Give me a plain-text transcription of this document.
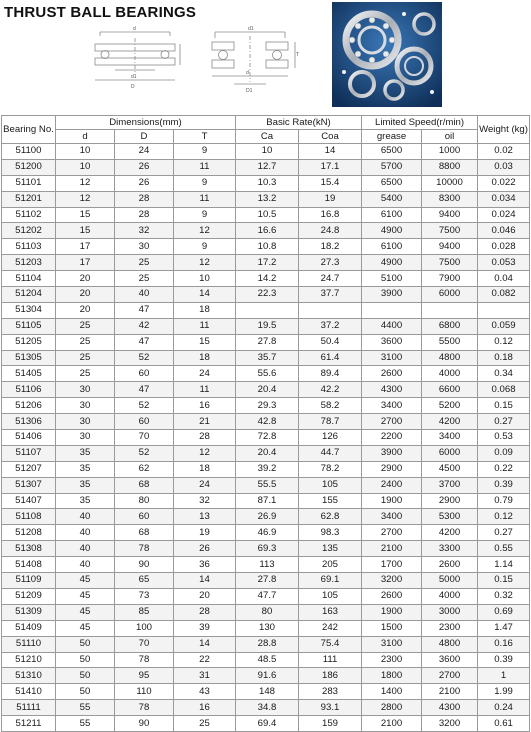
THRUST BALL BEARINGS
d
d1
D
d1
d
D1
T
Bearing No.	Dimensions(mm)			Basic Rate(kN)		Limited Speed(r/min)		Weight (kg)
	d	D	T	Ca	Coa	grease	oil	
51100	10	24	9	10	14	6500	1000	0.02
51200	10	26	11	12.7	17.1	5700	8800	0.03
51101	12	26	9	10.3	15.4	6500	10000	0.022
51201	12	28	11	13.2	19	5400	8300	0.034
51102	15	28	9	10.5	16.8	6100	9400	0.024
51202	15	32	12	16.6	24.8	4900	7500	0.046
51103	17	30	9	10.8	18.2	6100	9400	0.028
51203	17	25	12	17.2	27.3	4900	7500	0.053
51104	20	25	10	14.2	24.7	5100	7900	0.04
51204	20	40	14	22.3	37.7	3900	6000	0.082
51304	20	47	18					
51105	25	42	11	19.5	37.2	4400	6800	0.059
51205	25	47	15	27.8	50.4	3600	5500	0.12
51305	25	52	18	35.7	61.4	3100	4800	0.18
51405	25	60	24	55.6	89.4	2600	4000	0.34
51106	30	47	11	20.4	42.2	4300	6600	0.068
51206	30	52	16	29.3	58.2	3400	5200	0.15
51306	30	60	21	42.8	78.7	2700	4200	0.27
51406	30	70	28	72.8	126	2200	3400	0.53
51107	35	52	12	20.4	44.7	3900	6000	0.09
51207	35	62	18	39.2	78.2	2900	4500	0.22
51307	35	68	24	55.5	105	2400	3700	0.39
51407	35	80	32	87.1	155	1900	2900	0.79
51108	40	60	13	26.9	62.8	3400	5300	0.12
51208	40	68	19	46.9	98.3	2700	4200	0.27
51308	40	78	26	69.3	135	2100	3300	0.55
51408	40	90	36	113	205	1700	2600	1.14
51109	45	65	14	27.8	69.1	3200	5000	0.15
51209	45	73	20	47.7	105	2600	4000	0.32
51309	45	85	28	80	163	1900	3000	0.69
51409	45	100	39	130	242	1500	2300	1.47
51110	50	70	14	28.8	75.4	3100	4800	0.16
51210	50	78	22	48.5	111	2300	3600	0.39
51310	50	95	31	91.6	186	1800	2700	1
51410	50	110	43	148	283	1400	2100	1.99
51111	55	78	16	34.8	93.1	2800	4300	0.24
51211	55	90	25	69.4	159	2100	3200	0.61
